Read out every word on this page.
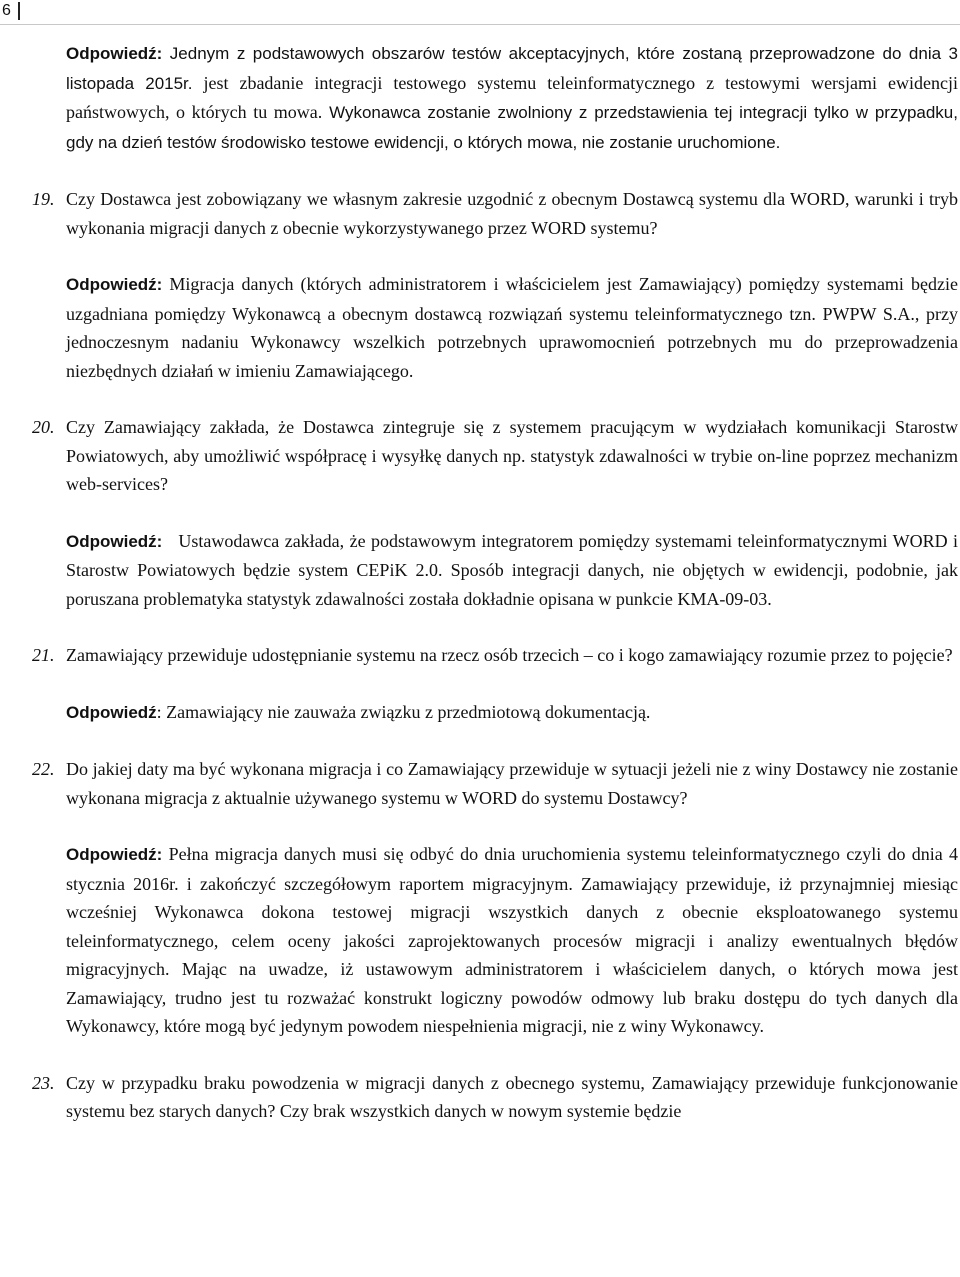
6

Odpowiedź: Jednym z podstawowych obszarów testów akceptacyjnych, które zostaną przeprowadzone do dnia 3 listopada 2015r. jest zbadanie integracji testowego systemu teleinformatycznego z testowymi wersjami ewidencji państwowych, o których tu mowa. Wykonawca zostanie zwolniony z przedstawienia tej integracji tylko w przypadku, gdy na dzień testów środowisko testowe ewidencji, o których mowa, nie zostanie uruchomione.

19. Czy Dostawca jest zobowiązany we własnym zakresie uzgodnić z obecnym Dostawcą systemu dla WORD, warunki i tryb wykonania migracji danych z obecnie wykorzystywanego przez WORD systemu?

Odpowiedź: Migracja danych (których administratorem i właścicielem jest Zamawiający) pomiędzy systemami będzie uzgadniana pomiędzy Wykonawcą a obecnym dostawcą rozwiązań systemu teleinformatycznego tzn. PWPW S.A., przy jednoczesnym nadaniu Wykonawcy wszelkich potrzebnych uprawomocnień potrzebnych mu do przeprowadzenia niezbędnych działań w imieniu Zamawiającego.

20. Czy Zamawiający zakłada, że Dostawca zintegruje się z systemem pracującym w wydziałach komunikacji Starostw Powiatowych, aby umożliwić współpracę i wysyłkę danych np. statystyk zdawalności w trybie on-line poprzez mechanizm web-services?

Odpowiedź: Ustawodawca zakłada, że podstawowym integratorem pomiędzy systemami teleinformatycznymi WORD i Starostw Powiatowych będzie system CEPiK 2.0. Sposób integracji danych, nie objętych w ewidencji, podobnie, jak poruszana problematyka statystyk zdawalności została dokładnie opisana w punkcie KMA-09-03.

21. Zamawiający przewiduje udostępnianie systemu na rzecz osób trzecich – co i kogo zamawiający rozumie przez to pojęcie?

Odpowiedź: Zamawiający nie zauważa związku z przedmiotową dokumentacją.

22. Do jakiej daty ma być wykonana migracja i co Zamawiający przewiduje w sytuacji jeżeli nie z winy Dostawcy nie zostanie wykonana migracja z aktualnie używanego systemu w WORD do systemu Dostawcy?

Odpowiedź: Pełna migracja danych musi się odbyć do dnia uruchomienia systemu teleinformatycznego czyli do dnia 4 stycznia 2016r. i zakończyć szczegółowym raportem migracyjnym. Zamawiający przewiduje, iż przynajmniej miesiąc wcześniej Wykonawca dokona testowej migracji wszystkich danych z obecnie eksploatowanego systemu teleinformatycznego, celem oceny jakości zaprojektowanych procesów migracji i analizy ewentualnych błędów migracyjnych. Mając na uwadze, iż ustawowym administratorem i właścicielem danych, o których mowa jest Zamawiający, trudno jest tu rozważać konstrukt logiczny powodów odmowy lub braku dostępu do tych danych dla Wykonawcy, które mogą być jedynym powodem niespełnienia migracji, nie z winy Wykonawcy.

23. Czy w przypadku braku powodzenia w migracji danych z obecnego systemu, Zamawiający przewiduje funkcjonowanie systemu bez starych danych? Czy brak wszystkich danych w nowym systemie będzie
